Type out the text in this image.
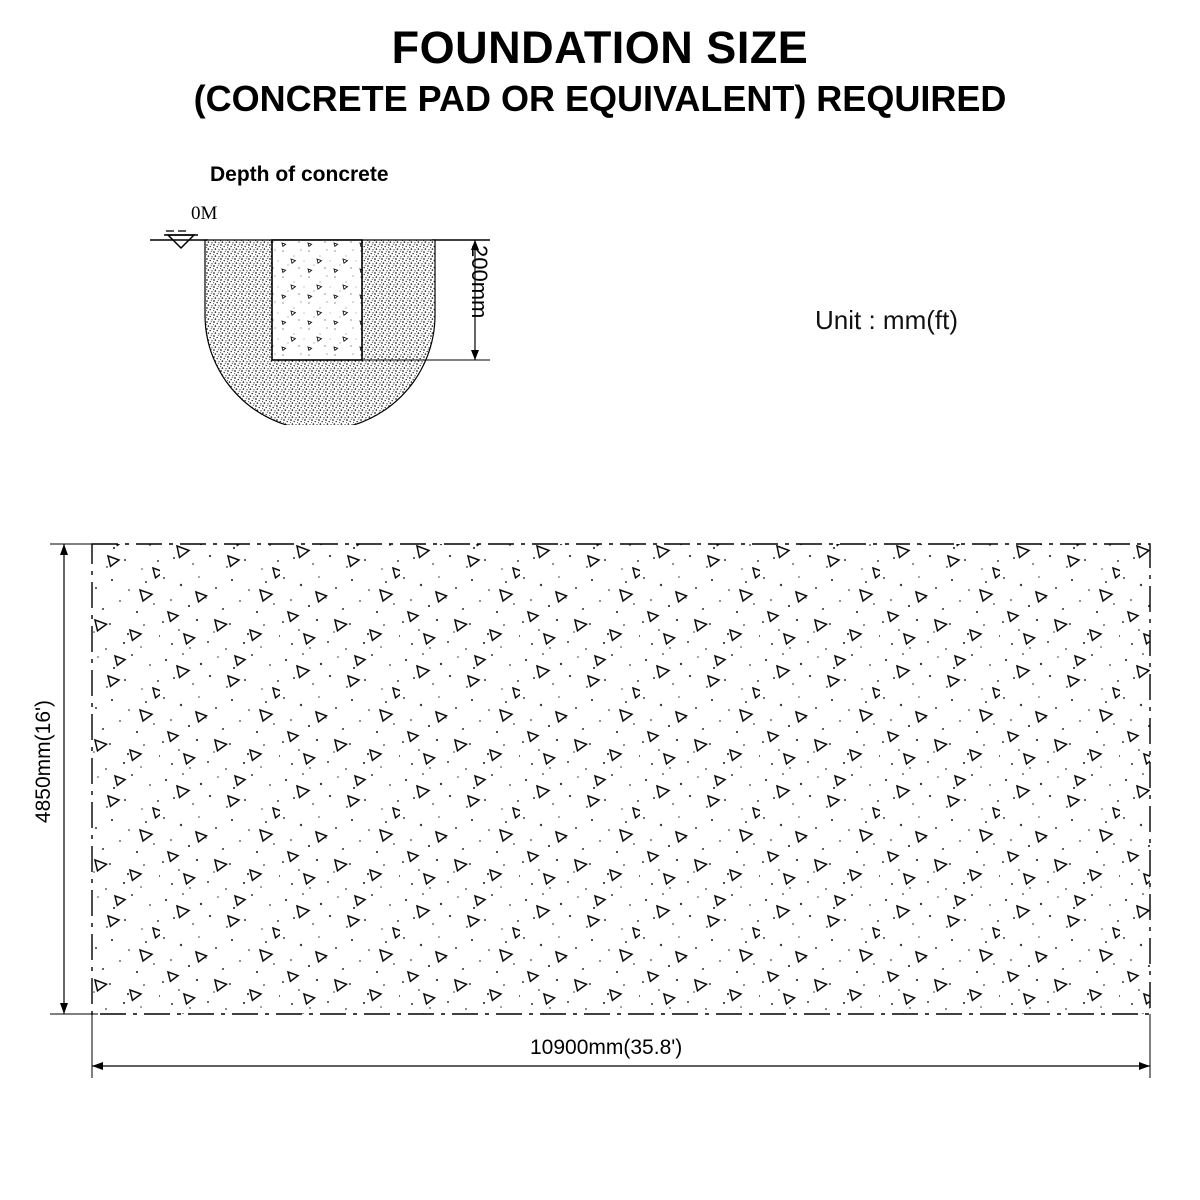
FOUNDATION SIZE
(CONCRETE PAD OR EQUIVALENT) REQUIRED
Depth of concrete
0M
200mm
Unit : mm(ft)
10900mm(35.8')
4850mm(16')
